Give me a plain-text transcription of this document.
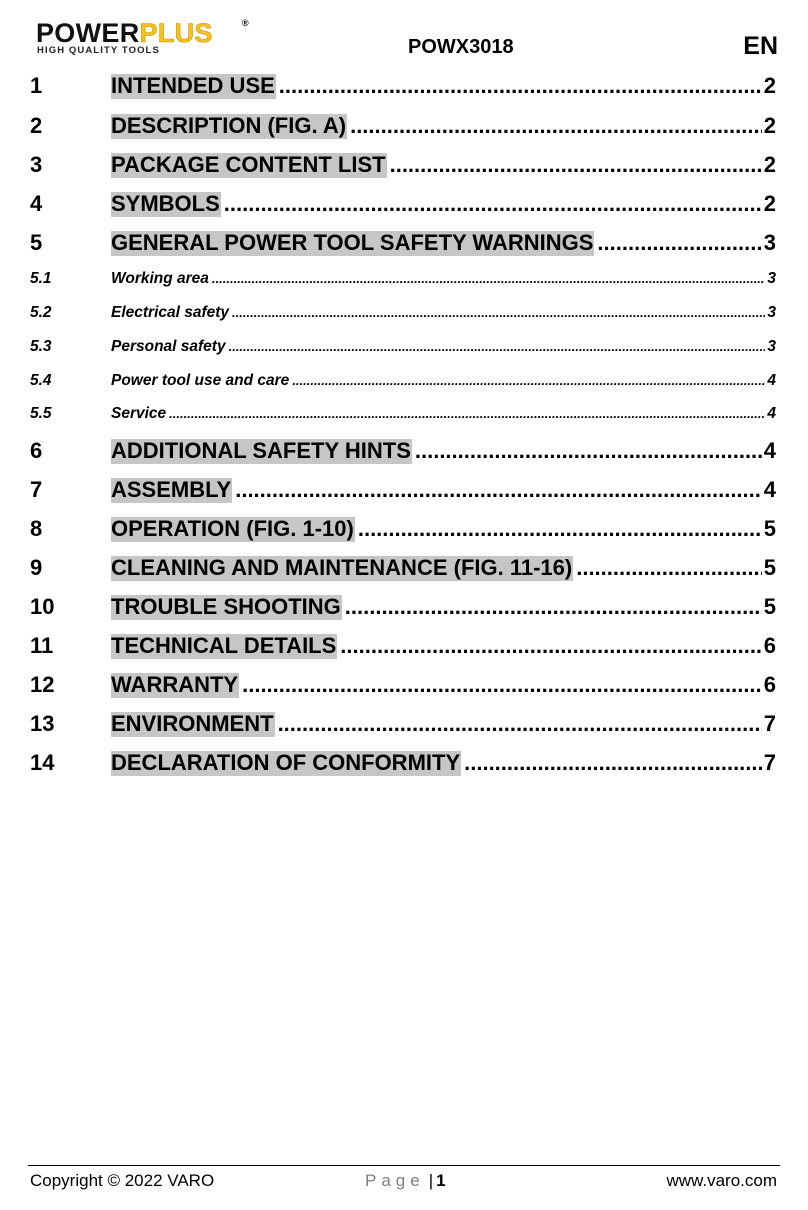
POWERPLUS	®
HIGH QUALITY TOOLS	POWX3018	EN
1	INTENDED USE .....	2
2	DESCRIPTION (FIG. A) .....	2
3	PACKAGE CONTENT LIST .....	2
4	SYMBOLS .....	2
5	GENERAL POWER TOOL SAFETY WARNINGS .....	3
5.1	Working area .....	3
5.2	Electrical safety .....	3
5.3	Personal safety .....	3
5.4	Power tool use and care .....	4
5.5	Service .....	4
6	ADDITIONAL SAFETY HINTS .....	4
7	ASSEMBLY .....	4
8	OPERATION (FIG. 1-10) .....	5
9	CLEANING AND MAINTENANCE (FIG. 11-16) .....	5
10	TROUBLE SHOOTING .....	5
11	TECHNICAL DETAILS .....	6
12	WARRANTY .....	6
13	ENVIRONMENT .....	7
14	DECLARATION OF CONFORMITY .....	7
Copyright © 2022 VARO	Page | 1	www.varo.com
